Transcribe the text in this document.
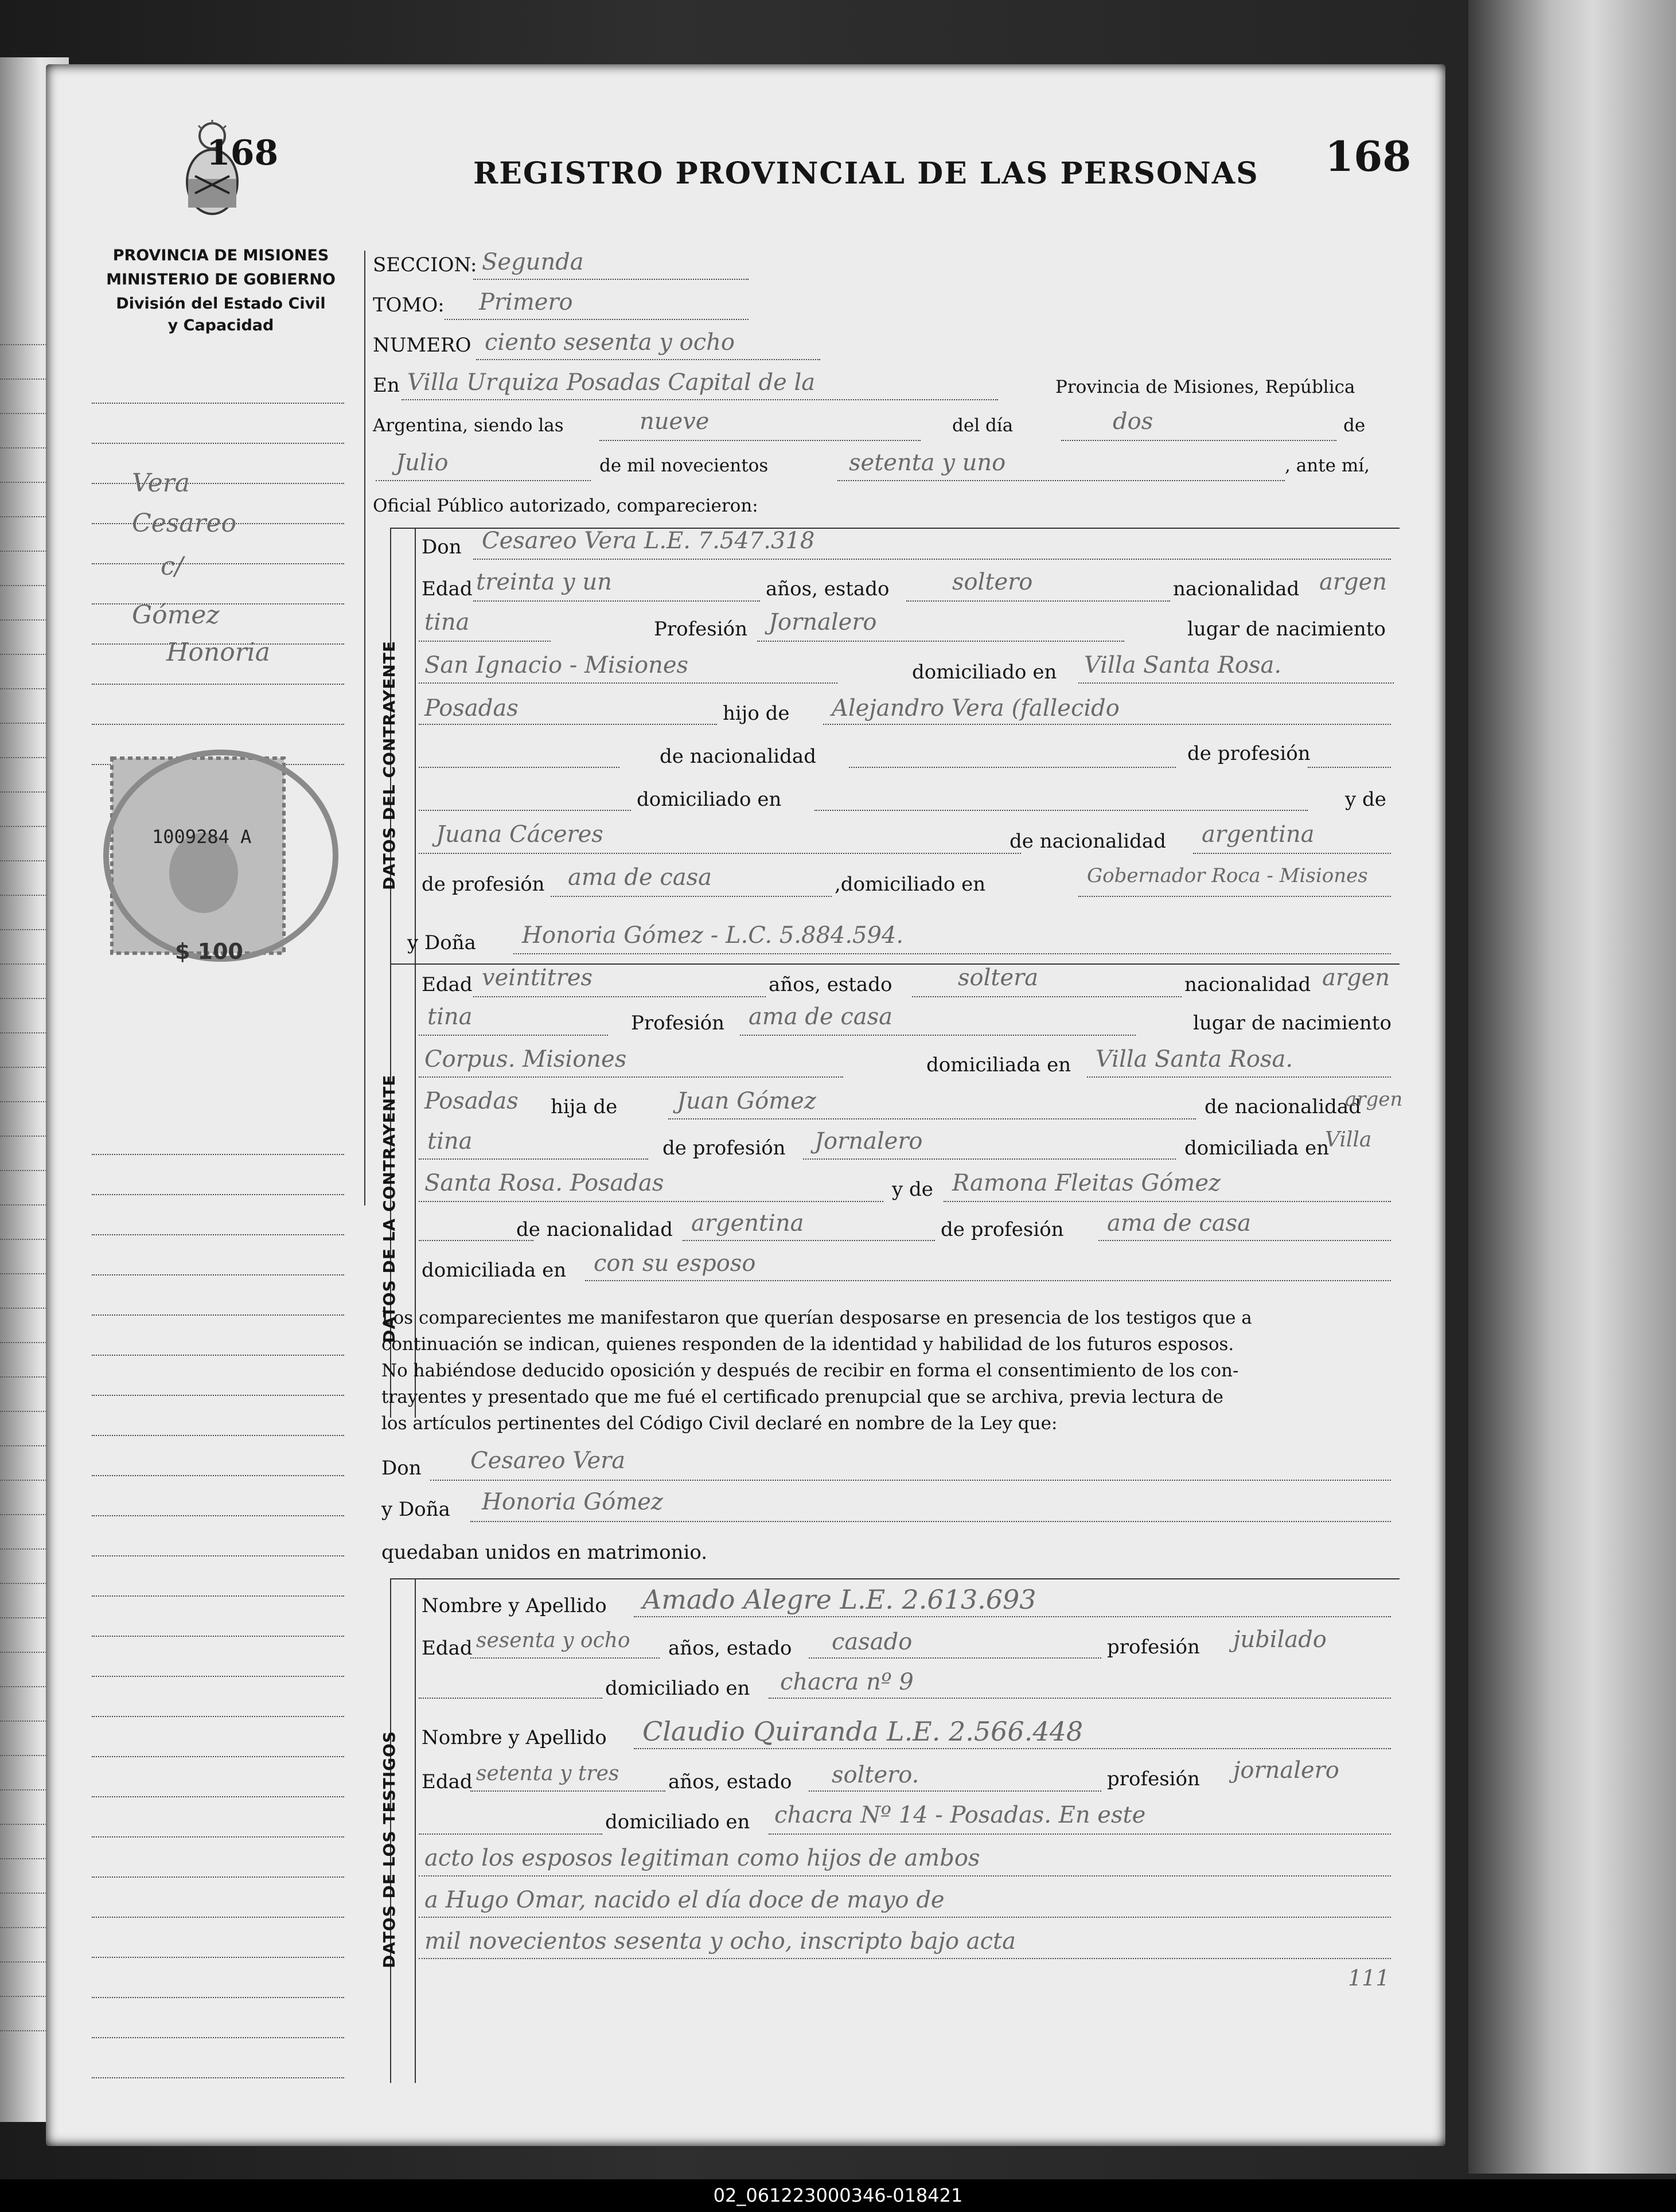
168
REGISTRO PROVINCIAL DE LAS PERSONAS 168
PROVINCIA DE MISIONES
MINISTERIO DE GOBIERNO
División del Estado Civil
y Capacidad
Vera
Cesareo
c/
Gómez
Honoria
1009284 A
$ 100
SECCION: Segunda
TOMO: Primero
NUMERO ciento sesenta y ocho
En Villa Urquiza Posadas Capital de la	Provincia de Misiones, República
Argentina, siendo las	nueve	del día	dos	de
Julio	de mil novecientos	setenta y uno	, ante mí,
Oficial Público autorizado, comparecieron:
DATOS DEL CONTRAYENTE
Don Cesareo Vera L.E. 7.547.318
Edad treinta y un	años, estado	soltero	nacionalidad argen
tina	Profesión Jornalero	lugar de nacimiento
San Ignacio - Misiones	domiciliado en Villa Santa Rosa.
Posadas	hijo de Alejandro Vera (fallecido
de nacionalidad	de profesión
domiciliado en	y de
Juana Cáceres	de nacionalidad argentina
de profesión ama de casa	,domiciliado en	Gobernador Roca - Misiones
DATOS DE LA CONTRAYENTE
y Doña Honoria Gómez - L.C. 5.884.594.
Edad veintitres	años, estado	soltera	nacionalidad argen
tina	Profesión ama de casa	lugar de nacimiento
Corpus. Misiones	domiciliada en Villa Santa Rosa.
Posadas hija de	Juan Gómez	de nacionalidad
argen
tina	de profesión Jornalero	domiciliada en
Villa
Santa Rosa. Posadas	y de Ramona Fleitas Gómez
de nacionalidad argentina	de profesión ama de casa
domiciliada en con su esposo
Los comparecientes me manifestaron que querían desposarse en presencia de los testigos que a
continuación se indican, quienes responden de la identidad y habilidad de los futuros esposos.
No habiéndose deducido oposición y después de recibir en forma el consentimiento de los con-
trayentes y presentado que me fué el certificado prenupcial que se archiva, previa lectura de
los artículos pertinentes del Código Civil declaré en nombre de la Ley que:
Don Cesareo Vera
y Doña Honoria Gómez
quedaban unidos en matrimonio.
DATOS DE LOS TESTIGOS
Nombre y Apellido Amado Alegre L.E. 2.613.693
Edad sesenta y ocho años, estado casado	profesión jubilado
domiciliado en chacra nº 9
Nombre y Apellido Claudio Quiranda L.E. 2.566.448
Edad setenta y tres	años, estado soltero.	profesión jornalero
domiciliado en chacra Nº 14 - Posadas. En este
acto los esposos legitiman como hijos de ambos
a Hugo Omar, nacido el día doce de mayo de
mil novecientos sesenta y ocho, inscripto bajo acta
111
02_061223000346-018421
